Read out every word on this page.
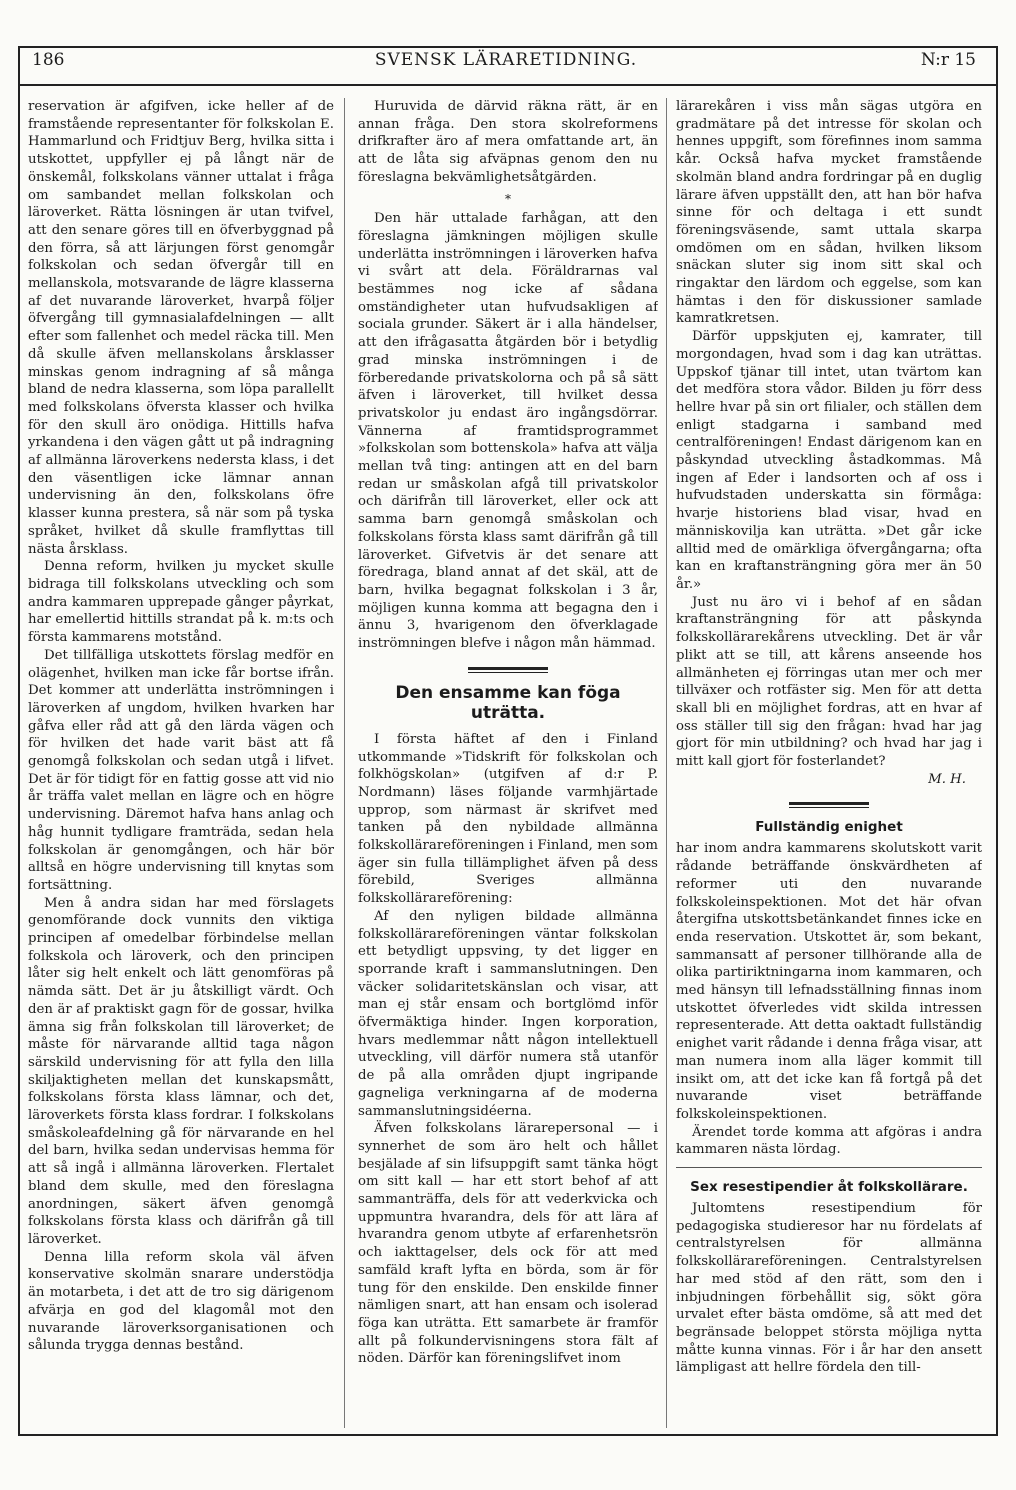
186	SVENSK LÄRARETIDNING.	N:r 15

reservation är afgifven, icke heller af de framstående representanter för folkskolan E. Hammarlund och Fridtjuv Berg, hvilka sitta i utskottet, uppfyller ej på långt när de önskemål, folkskolans vänner uttalat i fråga om sambandet mellan folkskolan och läroverket. Rätta lösningen är utan tvifvel, att den senare göres till en öfverbyggnad på den förra, så att lärjungen först genomgår folkskolan och sedan öfvergår till en mellanskola, motsvarande de lägre klasserna af det nuvarande läroverket, hvarpå följer öfvergång till gymnasialafdelningen — allt efter som fallenhet och medel räcka till. Men då skulle äfven mellanskolans årsklasser minskas genom indragning af så många bland de nedra klasserna, som löpa parallellt med folkskolans öfversta klasser och hvilka för den skull äro onödiga. Hittills hafva yrkandena i den vägen gått ut på indragning af allmänna läroverkens nedersta klass, i det den väsentligen icke lämnar annan undervisning än den, folkskolans öfre klasser kunna prestera, så när som på tyska språket, hvilket då skulle framflyttas till nästa årsklass.

Denna reform, hvilken ju mycket skulle bidraga till folkskolans utveckling och som andra kammaren upprepade gånger påyrkat, har emellertid hittills strandat på k. m:ts och första kammarens motstånd.

Det tillfälliga utskottets förslag medför en olägenhet, hvilken man icke får bortse ifrån. Det kommer att underlätta inströmningen i läroverken af ungdom, hvilken hvarken har gåfva eller råd att gå den lärda vägen och för hvilken det hade varit bäst att få genomgå folkskolan och sedan utgå i lifvet. Det är för tidigt för en fattig gosse att vid nio år träffa valet mellan en lägre och en högre undervisning. Däremot hafva hans anlag och håg hunnit tydligare framträda, sedan hela folkskolan är genomgången, och här bör alltså en högre undervisning till knytas som fortsättning.

Men å andra sidan har med förslagets genomförande dock vunnits den viktiga principen af omedelbar förbindelse mellan folkskola och läroverk, och den principen låter sig helt enkelt och lätt genomföras på nämda sätt. Det är ju åtskilligt värdt. Och den är af praktiskt gagn för de gossar, hvilka ämna sig från folkskolan till läroverket; de måste för närvarande alltid taga någon särskild undervisning för att fylla den lilla skiljaktigheten mellan det kunskapsmått, folkskolans första klass lämnar, och det, läroverkets första klass fordrar. I folkskolans småskoleafdelning gå för närvarande en hel del barn, hvilka sedan undervisas hemma för att så ingå i allmänna läroverken. Flertalet bland dem skulle, med den föreslagna anordningen, säkert äfven genomgå folkskolans första klass och därifrån gå till läroverket.

Denna lilla reform skola väl äfven konservative skolmän snarare understödja än motarbeta, i det att de tro sig därigenom afvärja en god del klagomål mot den nuvarande läroverksorganisationen och sålunda trygga dennas bestånd.

Huruvida de därvid räkna rätt, är en annan fråga. Den stora skolreformens drifkrafter äro af mera omfattande art, än att de låta sig afväpnas genom den nu föreslagna bekvämlighetsåtgärden.

*

Den här uttalade farhågan, att den föreslagna jämkningen möjligen skulle underlätta inströmningen i läroverken hafva vi svårt att dela. Föräldrarnas val bestämmes nog icke af sådana omständigheter utan hufvudsakligen af sociala grunder. Säkert är i alla händelser, att den ifrågasatta åtgärden bör i betydlig grad minska inströmningen i de förberedande privatskolorna och på så sätt äfven i läroverket, till hvilket dessa privatskolor ju endast äro ingångsdörrar. Vännerna af framtidsprogrammet »folkskolan som bottenskola» hafva att välja mellan två ting: antingen att en del barn redan ur småskolan afgå till privatskolor och därifrån till läroverket, eller ock att samma barn genomgå småskolan och folkskolans första klass samt därifrån gå till läroverket. Gifvetvis är det senare att föredraga, bland annat af det skäl, att de barn, hvilka begagnat folkskolan i 3 år, möjligen kunna komma att begagna den i ännu 3, hvarigenom den öfverklagade inströmningen blefve i någon mån hämmad.

Den ensamme kan föga uträtta.

I första häftet af den i Finland utkommande »Tidskrift för folkskolan och folkhögskolan» (utgifven af d:r P. Nordmann) läses följande varmhjärtade upprop, som närmast är skrifvet med tanken på den nybildade allmänna folkskollärareföreningen i Finland, men som äger sin fulla tillämplighet äfven på dess förebild, Sveriges allmänna folkskollärareförening:

Af den nyligen bildade allmänna folkskollärareföreningen väntar folkskolan ett betydligt uppsving, ty det ligger en sporrande kraft i sammanslutningen. Den väcker solidaritetskänslan och visar, att man ej står ensam och bortglömd inför öfvermäktiga hinder. Ingen korporation, hvars medlemmar nått någon intellektuell utveckling, vill därför numera stå utanför de på alla områden djupt ingripande gagneliga verkningarna af de moderna sammanslutningsidéerna.

Äfven folkskolans lärarepersonal — i synnerhet de som äro helt och hållet besjälade af sin lifsuppgift samt tänka högt om sitt kall — har ett stort behof af att sammanträffa, dels för att vederkvicka och uppmuntra hvarandra, dels för att lära af hvarandra genom utbyte af erfarenhetsrön och iakttagelser, dels ock för att med samfäld kraft lyfta en börda, som är för tung för den enskilde. Den enskilde finner nämligen snart, att han ensam och isolerad föga kan uträtta. Ett samarbete är framför allt på folkundervisningens stora fält af nöden. Därför kan föreningslifvet inom

lärarekåren i viss mån sägas utgöra en gradmätare på det intresse för skolan och hennes uppgift, som förefinnes inom samma kår. Också hafva mycket framstående skolmän bland andra fordringar på en duglig lärare äfven uppställt den, att han bör hafva sinne för och deltaga i ett sundt föreningsväsende, samt uttala skarpa omdömen om en sådan, hvilken liksom snäckan sluter sig inom sitt skal och ringaktar den lärdom och eggelse, som kan hämtas i den för diskussioner samlade kamratkretsen.

Därför uppskjuten ej, kamrater, till morgondagen, hvad som i dag kan uträttas. Uppskof tjänar till intet, utan tvärtom kan det medföra stora vådor. Bilden ju förr dess hellre hvar på sin ort filialer, och ställen dem enligt stadgarna i samband med centralföreningen! Endast därigenom kan en påskyndad utveckling åstadkommas. Må ingen af Eder i landsorten och af oss i hufvudstaden underskatta sin förmåga: hvarje historiens blad visar, hvad en människovilja kan uträtta. »Det går icke alltid med de omärkliga öfvergångarna; ofta kan en kraftansträngning göra mer än 50 år.»

Just nu äro vi i behof af en sådan kraftansträngning för att påskynda folkskollärarekårens utveckling. Det är vår plikt att se till, att kårens anseende hos allmänheten ej förringas utan mer och mer tillväxer och rotfäster sig. Men för att detta skall bli en möjlighet fordras, att en hvar af oss ställer till sig den frågan: hvad har jag gjort för min utbildning? och hvad har jag i mitt kall gjort för fosterlandet?

M. H.

Fullständig enighet

har inom andra kammarens skolutskott varit rådande beträffande önskvärdheten af reformer uti den nuvarande folkskoleinspektionen. Mot det här ofvan återgifna utskottsbetänkandet finnes icke en enda reservation. Utskottet är, som bekant, sammansatt af personer tillhörande alla de olika partiriktningarna inom kammaren, och med hänsyn till lefnadsställning finnas inom utskottet öfverledes vidt skilda intressen representerade. Att detta oaktadt fullständig enighet varit rådande i denna fråga visar, att man numera inom alla läger kommit till insikt om, att det icke kan få fortgå på det nuvarande viset beträffande folkskoleinspektionen.

Ärendet torde komma att afgöras i andra kammaren nästa lördag.

Sex resestipendier åt folkskollärare.

Jultomtens resestipendium för pedagogiska studieresor har nu fördelats af centralstyrelsen för allmänna folkskollärareföreningen. Centralstyrelsen har med stöd af den rätt, som den i inbjudningen förbehållit sig, sökt göra urvalet efter bästa omdöme, så att med det begränsade beloppet största möjliga nytta måtte kunna vinnas. För i år har den ansett lämpligast att hellre fördela den till-
